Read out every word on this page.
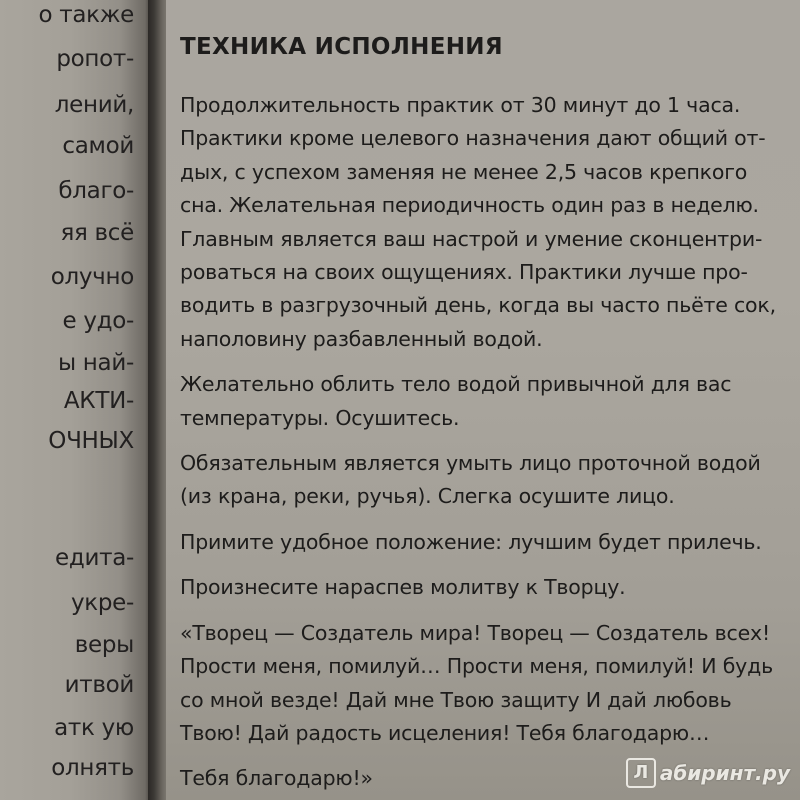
о также
ропот-
лений,
самой
благо-
яя всё
олучно
е удо-
ы най-
АКТИ-
ОЧНЫХ
едита-
укре-
веры
итвой
атк ую
олнять
ТЕХНИКА ИСПОЛНЕНИЯ

Продолжительность практик от 30 минут до 1 часа.
Практики кроме целевого назначения дают общий от-
дых, с успехом заменяя не менее 2,5 часов крепкого
сна. Желательная периодичность один раз в неделю.
Главным является ваш настрой и умение сконцентри-
роваться на своих ощущениях. Практики лучше про-
водить в разгрузочный день, когда вы часто пьёте сок,
наполовину разбавленный водой.

Желательно облить тело водой привычной для вас
температуры. Осушитесь.

Обязательным является умыть лицо проточной водой
(из крана, реки, ручья). Слегка осушите лицо.

Примите удобное положение: лучшим будет прилечь.

Произнесите нараспев молитву к Творцу.

«Творец — Создатель мира! Творец — Создатель всех!
Прости меня, помилуй… Прости меня, помилуй! И будь
со мной везде! Дай мне Твою защиту И дай любовь
Твою! Дай радость исцеления! Тебя благодарю…

Тебя благодарю!»	Л абиринт.ру
